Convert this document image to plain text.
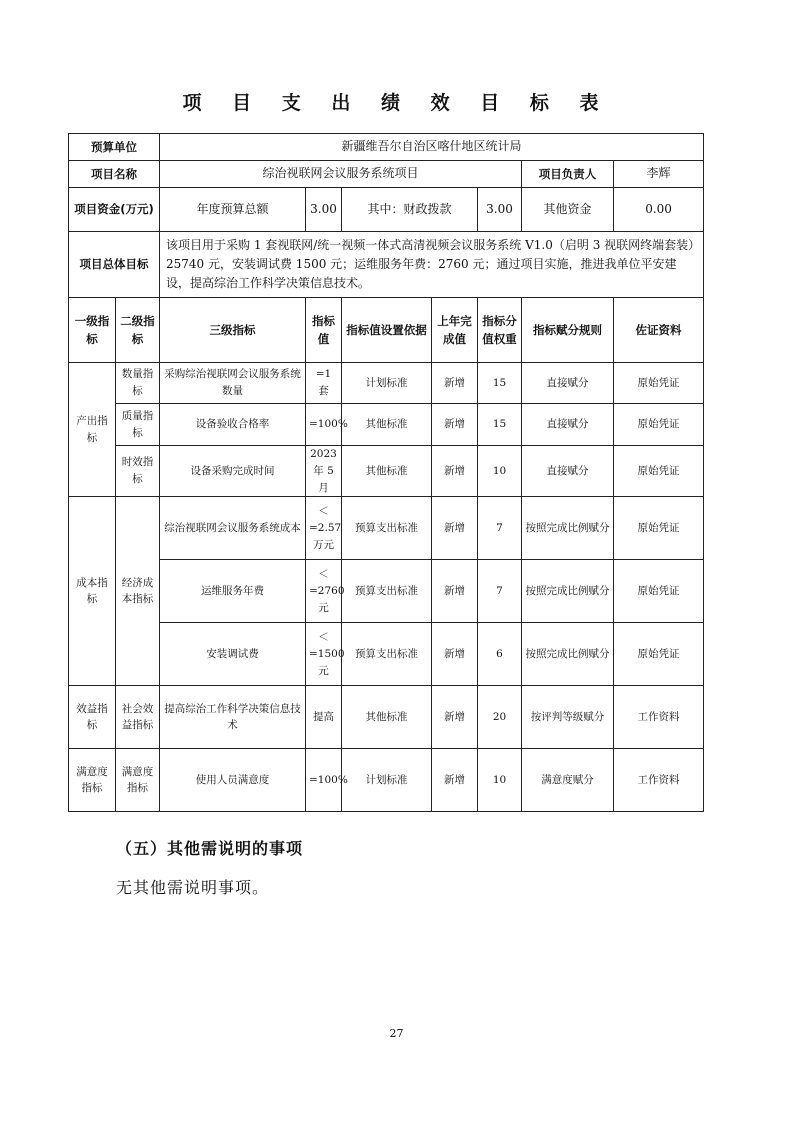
项 目 支 出 绩 效 目 标 表
预算单位		新疆维吾尔自治区喀什地区统计局						
项目名称		综治视联网会议服务系统项目					项目负责人	李辉
项目资金(万元)		年度预算总额	3.00	其中：财政拨款		3.00	其他资金	0.00
项目总体目标		该项目用于采购 1 套视联网/统一视频一体式高清视频会议服务系统 V1.0（启明 3 视联网终端套装）25740 元，安装调试费 1500 元；运维服务年费：2760 元；通过项目实施，推进我单位平安建设，提高综治工作科学决策信息技术。						
一级指标	二级指标	三级指标	指标值	指标值设置依据	上年完成值	指标分值权重	指标赋分规则	佐证资料
产出指标	数量指标	采购综治视联网会议服务系统数量	=1 套	计划标准	新增	15	直接赋分	原始凭证
	质量指标	设备验收合格率	=100%	其他标准	新增	15	直接赋分	原始凭证
	时效指标	设备采购完成时间	2023 年 5 月	其他标准	新增	10	直接赋分	原始凭证
成本指标	经济成本指标	综治视联网会议服务系统成本	＜=2.57 万元	预算支出标准	新增	7	按照完成比例赋分	原始凭证
		运维服务年费	＜=2760 元	预算支出标准	新增	7	按照完成比例赋分	原始凭证
		安装调试费	＜=1500 元	预算支出标准	新增	6	按照完成比例赋分	原始凭证
效益指标	社会效益指标	提高综治工作科学决策信息技术	提高	其他标准	新增	20	按评判等级赋分	工作资料
满意度指标	满意度指标	使用人员满意度	=100%	计划标准	新增	10	满意度赋分	工作资料
（五）其他需说明的事项
无其他需说明事项。
27
